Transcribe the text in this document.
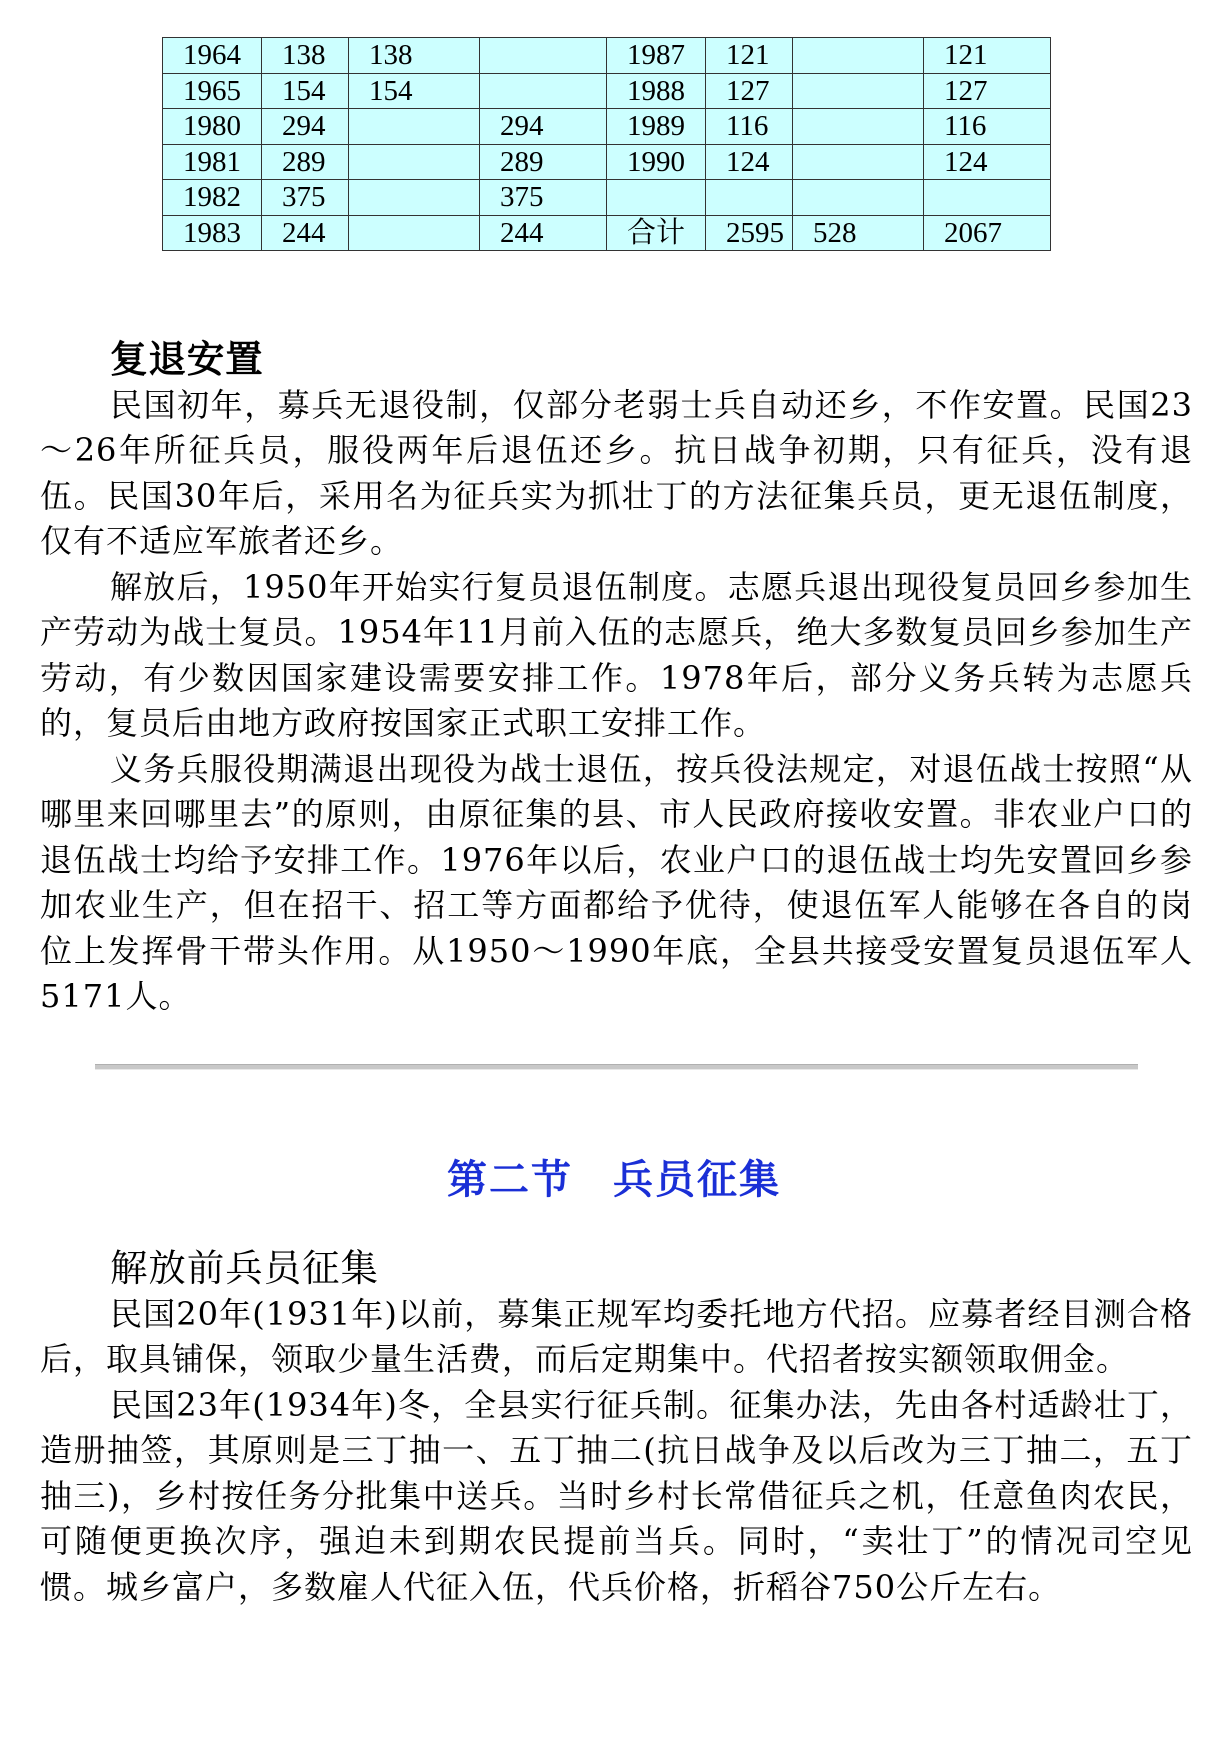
1964	138	138		1987	121		121
1965	154	154		1988	127		127
1980	294		294	1989	116		116
1981	289		289	1990	124		124
1982	375		375				
1983	244		244	合计	2595	528	2067
复退安置

民国初年，募兵无退役制，仅部分老弱士兵自动还乡，不作安置。民国23～26年所征兵员，服役两年后退伍还乡。抗日战争初期，只有征兵，没有退伍。民国30年后，采用名为征兵实为抓壮丁的方法征集兵员，更无退伍制度，仅有不适应军旅者还乡。

解放后，1950年开始实行复员退伍制度。志愿兵退出现役复员回乡参加生产劳动为战士复员。1954年11月前入伍的志愿兵，绝大多数复员回乡参加生产劳动，有少数因国家建设需要安排工作。1978年后，部分义务兵转为志愿兵的，复员后由地方政府按国家正式职工安排工作。

义务兵服役期满退出现役为战士退伍，按兵役法规定，对退伍战士按照“从哪里来回哪里去”的原则，由原征集的县、市人民政府接收安置。非农业户口的退伍战士均给予安排工作。1976年以后，农业户口的退伍战士均先安置回乡参加农业生产，但在招干、招工等方面都给予优待，使退伍军人能够在各自的岗位上发挥骨干带头作用。从1950～1990年底，全县共接受安置复员退伍军人5171人。

第二节 兵员征集
解放前兵员征集

民国20年(1931年)以前，募集正规军均委托地方代招。应募者经目测合格后，取具铺保，领取少量生活费，而后定期集中。代招者按实额领取佣金。

民国23年(1934年)冬，全县实行征兵制。征集办法，先由各村适龄壮丁，造册抽签，其原则是三丁抽一、五丁抽二(抗日战争及以后改为三丁抽二，五丁抽三)，乡村按任务分批集中送兵。当时乡村长常借征兵之机，任意鱼肉农民，可随便更换次序，强迫未到期农民提前当兵。同时，“卖壮丁”的情况司空见惯。城乡富户，多数雇人代征入伍，代兵价格，折稻谷750公斤左右。
